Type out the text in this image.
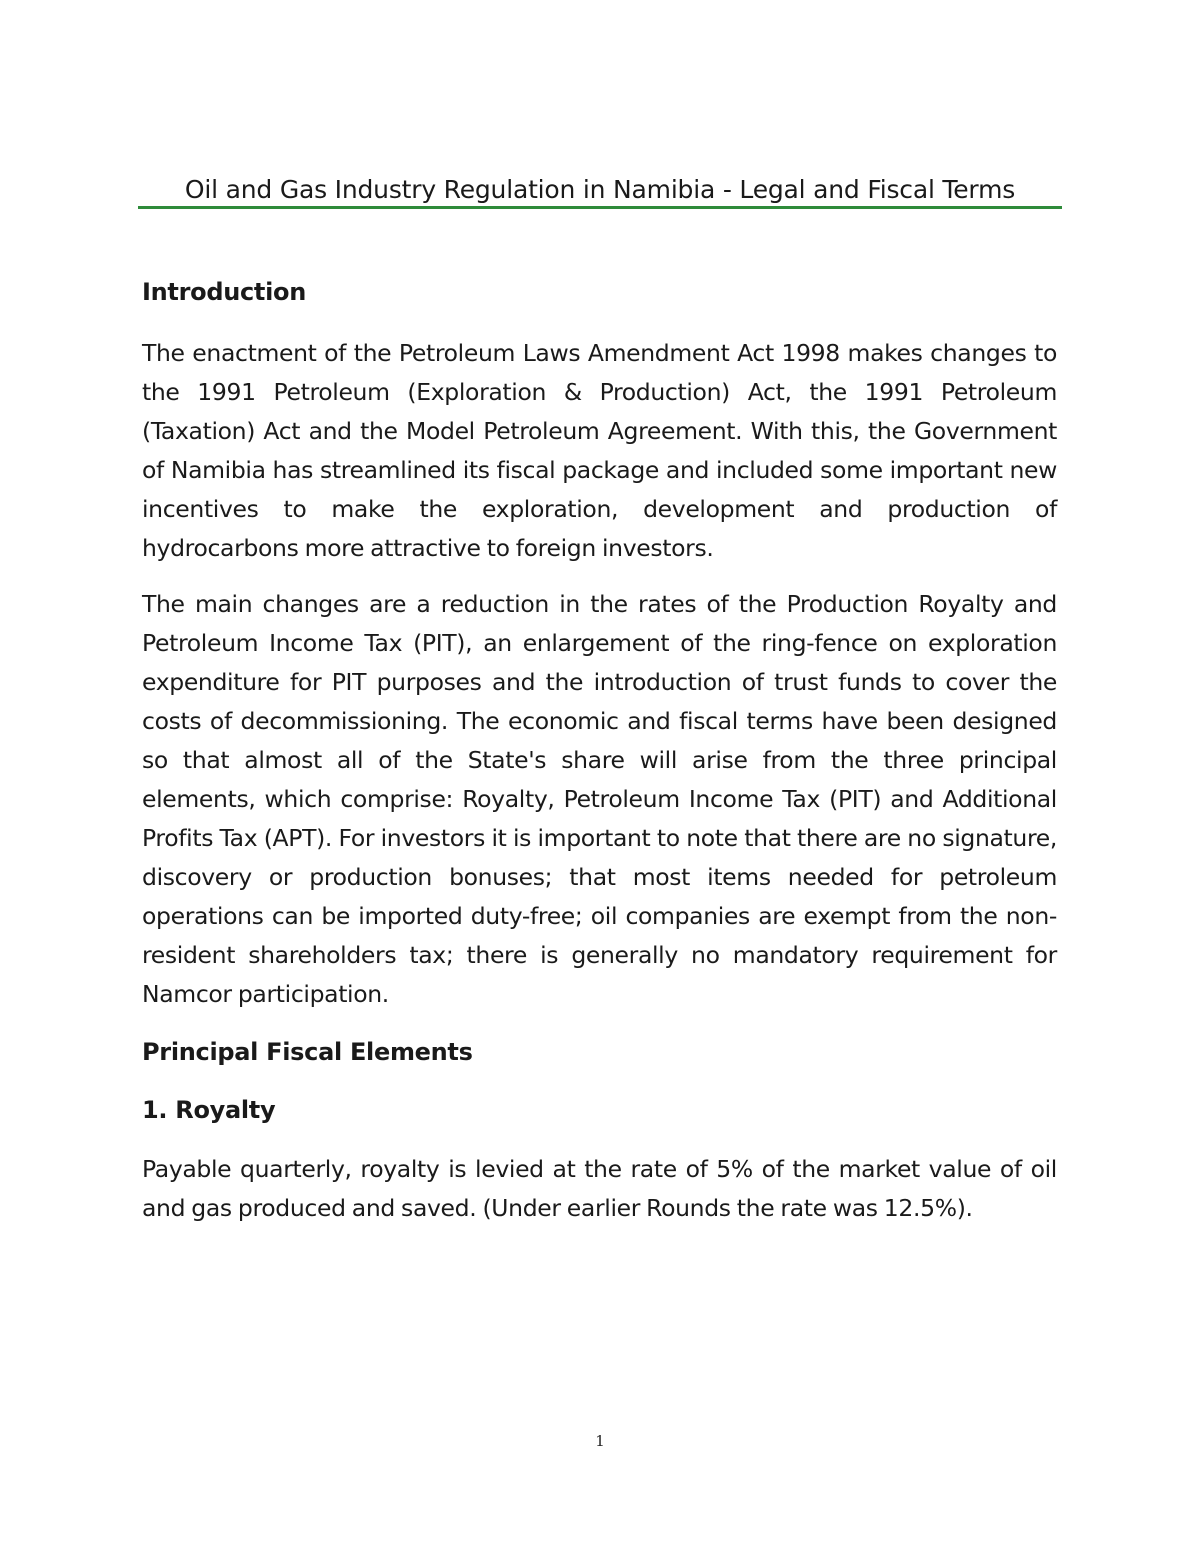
Oil and Gas Industry Regulation in Namibia - Legal and Fiscal Terms
Introduction

The enactment of the Petroleum Laws Amendment Act 1998 makes changes to the 1991 Petroleum (Exploration & Production) Act, the 1991 Petroleum (Taxation) Act and the Model Petroleum Agreement. With this, the Government of Namibia has streamlined its fiscal package and included some important new incentives to make the exploration, development and production of hydrocarbons more attractive to foreign investors.

The main changes are a reduction in the rates of the Production Royalty and Petroleum Income Tax (PIT), an enlargement of the ring-fence on exploration expenditure for PIT purposes and the introduction of trust funds to cover the costs of decommissioning. The economic and fiscal terms have been designed so that almost all of the State's share will arise from the three principal elements, which comprise: Royalty, Petroleum Income Tax (PIT) and Additional Profits Tax (APT). For investors it is important to note that there are no signature, discovery or production bonuses; that most items needed for petroleum operations can be imported duty-free; oil companies are exempt from the non-resident shareholders tax; there is generally no mandatory requirement for Namcor participation.

Principal Fiscal Elements
1. Royalty

Payable quarterly, royalty is levied at the rate of 5% of the market value of oil and gas produced and saved. (Under earlier Rounds the rate was 12.5%).

1
